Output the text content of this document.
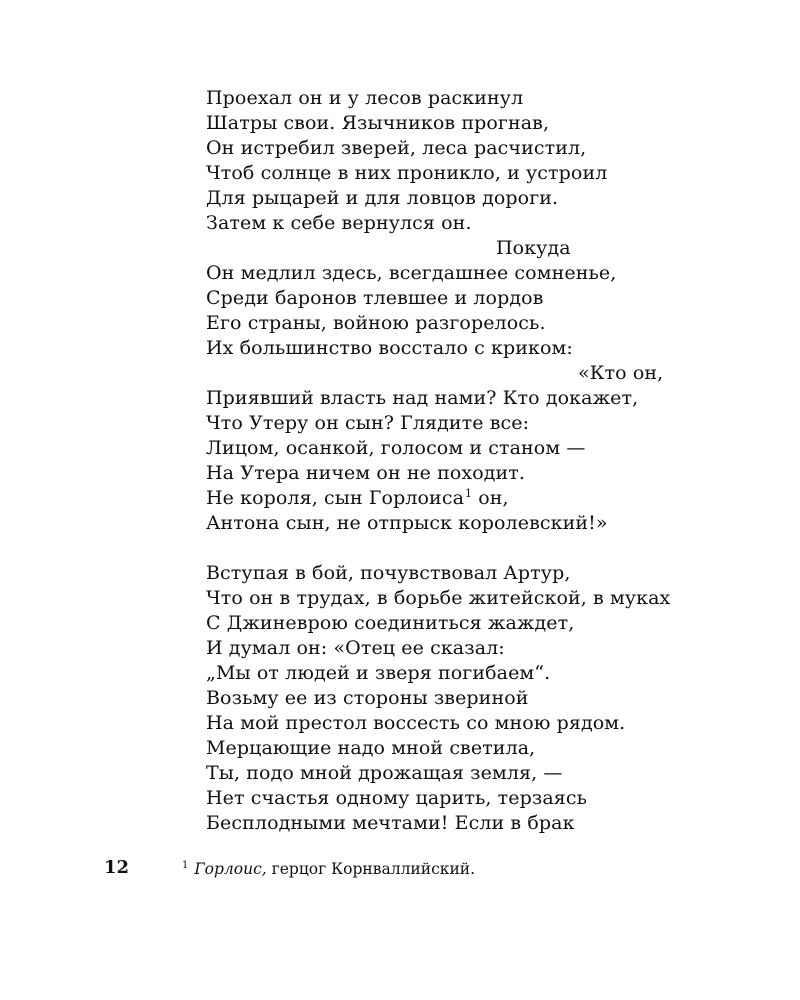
Проехал он и у лесов раскинул
Шатры свои. Язычников прогнав,
Он истребил зверей, леса расчистил,
Чтоб солнце в них проникло, и устроил
Для рыцарей и для ловцов дороги.
Затем к себе вернулся он.
Покуда
Он медлил здесь, всегдашнее сомненье,
Среди баронов тлевшее и лордов
Его страны, войною разгорелось.
Их большинство восстало с криком:
«Кто он,
Приявший власть над нами? Кто докажет,
Что Утеру он сын? Глядите все:
Лицом, осанкой, голосом и станом —
На Утера ничем он не походит.
Не короля, сын Горлоиса$^1$ он,
Антона сын, не отпрыск королевский!»
Вступая в бой, почувствовал Артур,
Что он в трудах, в борьбе житейской, в муках
С Джиневрою соединиться жаждет,
И думал он: «Отец ее сказал:
„Мы от людей и зверя погибаем“.
Возьму ее из стороны звериной
На мой престол воссесть со мною рядом.
Мерцающие надо мной светила,
Ты, подо мной дрожащая земля, —
Нет счастья одному царить, терзаясь
Бесплодными мечтами! Если в брак
12	$^1$ Горлоис, герцог Корнваллийский.
